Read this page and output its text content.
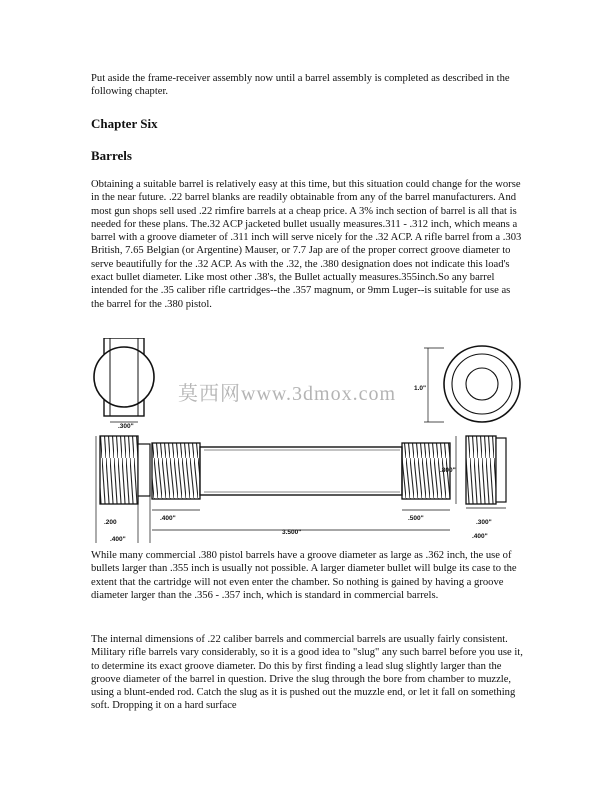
Put aside the frame-receiver assembly now until a barrel assembly is completed as described in the following chapter.

Chapter Six
Barrels

Obtaining a suitable barrel is relatively easy at this time, but this situation could change for the worse in the near future. .22 barrel blanks are readily obtainable from any of the barrel manufacturers. And most gun shops sell used .22 rimfire barrels at a cheap price. A 3% inch section of barrel is all that is needed for these plans. The.32 ACP jacketed bullet usually measures.311 - .312 inch, which means a barrel with a groove diameter of .311 inch will serve nicely for the .32 ACP. A rifle barrel from a .303 British, 7.65 Belgian (or Argentine) Mauser, or 7.7 Jap are of the proper correct groove diameter to serve beautifully for the .32 ACP. As with the .32, the .380 designation does not indicate this load's exact bullet diameter. Like most other .38's, the Bullet actually measures.355inch.So any barrel intended for the .35 caliber rifle cartridges--the .357 magnum, or 9mm Luger--is suitable for use as the barrel for the .380 pistol.

.300"
.200
.400"
.400"
3.500"
.500"
.800"
.300"
.400"
1.0"
莫西网www.3dmox.com

While many commercial .380 pistol barrels have a groove diameter as large as .362 inch, the use of bullets larger than .355 inch is usually not possible. A larger diameter bullet will bulge its case to the extent that the cartridge will not even enter the chamber. So nothing is gained by having a groove diameter larger than the .356 - .357 inch, which is standard in commercial barrels.

The internal dimensions of .22 caliber barrels and commercial barrels are usually fairly consistent. Military rifle barrels vary considerably, so it is a good idea to "slug" any such barrel before you use it, to determine its exact groove diameter. Do this by first finding a lead slug slightly larger than the groove diameter of the barrel in question. Drive the slug through the bore from chamber to muzzle, using a blunt-ended rod. Catch the slug as it is pushed out the muzzle end, or let it fall on something soft. Dropping it on a hard surface
